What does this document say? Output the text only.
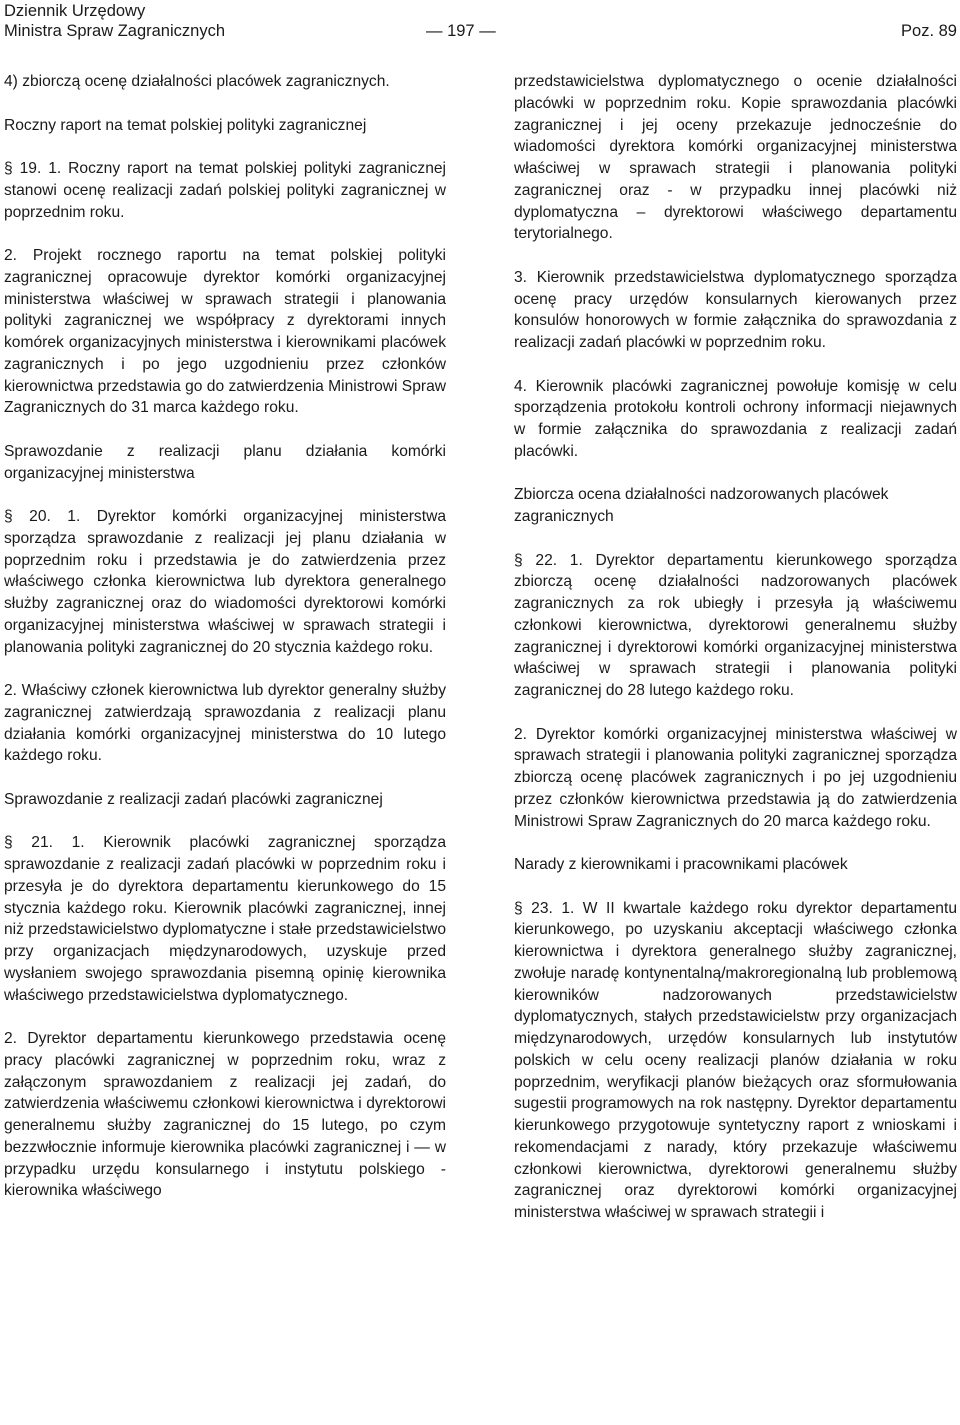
Dziennik Urzędowy
Ministra Spraw Zagranicznych	— 197 —	Poz. 89

4) zbiorczą ocenę działalności placówek zagranicznych.

Roczny raport na temat polskiej polityki zagranicznej

§ 19. 1. Roczny raport na temat polskiej polityki zagranicznej stanowi ocenę realizacji zadań polskiej polityki zagranicznej w poprzednim roku.

2. Projekt rocznego raportu na temat polskiej polityki zagranicznej opracowuje dyrektor komórki organizacyjnej ministerstwa właściwej w sprawach strategii i planowania polityki zagranicznej we współpracy z dyrektorami innych komórek organizacyjnych ministerstwa i kierownikami placówek zagranicznych i po jego uzgodnieniu przez członków kierownictwa przedstawia go do zatwierdzenia Ministrowi Spraw Zagranicznych do 31 marca każdego roku.

Sprawozdanie z realizacji planu działania komórki organizacyjnej ministerstwa

§ 20. 1. Dyrektor komórki organizacyjnej ministerstwa sporządza sprawozdanie z realizacji jej planu działania w poprzednim roku i przedstawia je do zatwierdzenia przez właściwego członka kierownictwa lub dyrektora generalnego służby zagranicznej oraz do wiadomości dyrektorowi komórki organizacyjnej ministerstwa właściwej w sprawach strategii i planowania polityki zagranicznej do 20 stycznia każdego roku.

2. Właściwy członek kierownictwa lub dyrektor generalny służby zagranicznej zatwierdzają sprawozdania z realizacji planu działania komórki organizacyjnej ministerstwa do 10 lutego każdego roku.

Sprawozdanie z realizacji zadań placówki zagranicznej

§ 21. 1. Kierownik placówki zagranicznej sporządza sprawozdanie z realizacji zadań placówki w poprzednim roku i przesyła je do dyrektora departamentu kierunkowego do 15 stycznia każdego roku. Kierownik placówki zagranicznej, innej niż przedstawicielstwo dyplomatyczne i stałe przedstawicielstwo przy organizacjach międzynarodowych, uzyskuje przed wysłaniem swojego sprawozdania pisemną opinię kierownika właściwego przedstawicielstwa dyplomatycznego.

2. Dyrektor departamentu kierunkowego przedstawia ocenę pracy placówki zagranicznej w poprzednim roku, wraz z załączonym sprawozdaniem z realizacji jej zadań, do zatwierdzenia właściwemu członkowi kierownictwa i dyrektorowi generalnemu służby zagranicznej do 15 lutego, po czym bezzwłocznie informuje kierownika placówki zagranicznej i — w przypadku urzędu konsularnego i instytutu polskiego -kierownika właściwego

przedstawicielstwa dyplomatycznego o ocenie działalności placówki w poprzednim roku. Kopie sprawozdania placówki zagranicznej i jej oceny przekazuje jednocześnie do wiadomości dyrektora komórki organizacyjnej ministerstwa właściwej w sprawach strategii i planowania polityki zagranicznej oraz - w przypadku innej placówki niż dyplomatyczna – dyrektorowi właściwego departamentu terytorialnego.

3. Kierownik przedstawicielstwa dyplomatycznego sporządza ocenę pracy urzędów konsularnych kierowanych przez konsulów honorowych w formie załącznika do sprawozdania z realizacji zadań placówki w poprzednim roku.

4. Kierownik placówki zagranicznej powołuje komisję w celu sporządzenia protokołu kontroli ochrony informacji niejawnych w formie załącznika do sprawozdania z realizacji zadań placówki.

Zbiorcza ocena działalności nadzorowanych placówek zagranicznych

§ 22. 1. Dyrektor departamentu kierunkowego sporządza zbiorczą ocenę działalności nadzorowanych placówek zagranicznych za rok ubiegły i przesyła ją właściwemu członkowi kierownictwa, dyrektorowi generalnemu służby zagranicznej i dyrektorowi komórki organizacyjnej ministerstwa właściwej w sprawach strategii i planowania polityki zagranicznej do 28 lutego każdego roku.

2. Dyrektor komórki organizacyjnej ministerstwa właściwej w sprawach strategii i planowania polityki zagranicznej sporządza zbiorczą ocenę placówek zagranicznych i po jej uzgodnieniu przez członków kierownictwa przedstawia ją do zatwierdzenia Ministrowi Spraw Zagranicznych do 20 marca każdego roku.

Narady z kierownikami i pracownikami placówek

§ 23. 1. W II kwartale każdego roku dyrektor departamentu kierunkowego, po uzyskaniu akceptacji właściwego członka kierownictwa i dyrektora generalnego służby zagranicznej, zwołuje naradę kontynentalną/makroregionalną lub problemową kierowników nadzorowanych przedstawicielstw dyplomatycznych, stałych przedstawicielstw przy organizacjach międzynarodowych, urzędów konsularnych lub instytutów polskich w celu oceny realizacji planów działania w roku poprzednim, weryfikacji planów bieżących oraz sformułowania sugestii programowych na rok następny. Dyrektor departamentu kierunkowego przygotowuje syntetyczny raport z wnioskami i rekomendacjami z narady, który przekazuje właściwemu członkowi kierownictwa, dyrektorowi generalnemu służby zagranicznej oraz dyrektorowi komórki organizacyjnej ministerstwa właściwej w sprawach strategii i
